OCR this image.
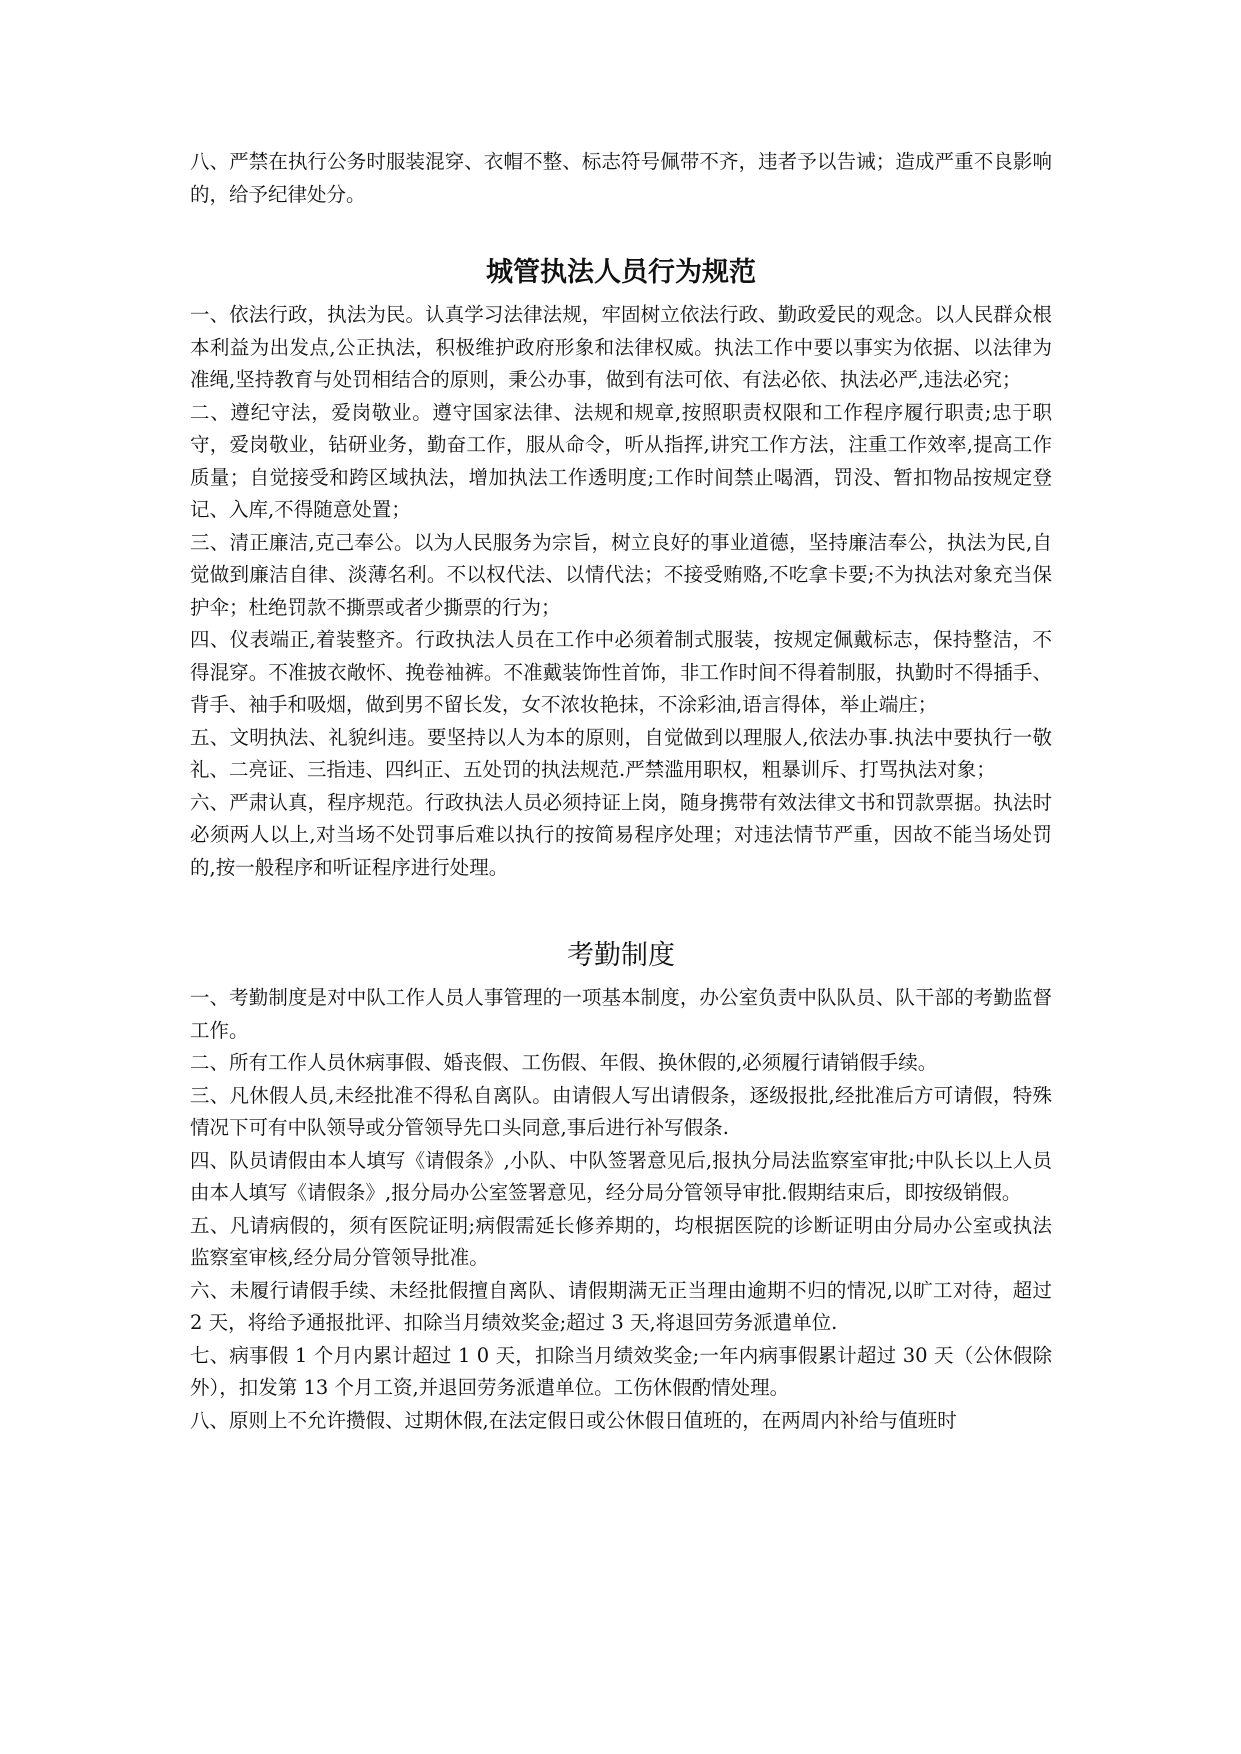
八、严禁在执行公务时服装混穿、衣帽不整、标志符号佩带不齐，违者予以告诫；造成严重不良影响的，给予纪律处分。

城管执法人员行为规范

一、依法行政，执法为民。认真学习法律法规，牢固树立依法行政、勤政爱民的观念。以人民群众根本利益为出发点,公正执法，积极维护政府形象和法律权威。执法工作中要以事实为依据、以法律为准绳,坚持教育与处罚相结合的原则，秉公办事，做到有法可依、有法必依、执法必严,违法必究；

二、遵纪守法，爱岗敬业。遵守国家法律、法规和规章,按照职责权限和工作程序履行职责;忠于职守，爱岗敬业，钻研业务，勤奋工作，服从命令，听从指挥,讲究工作方法，注重工作效率,提高工作质量；自觉接受和跨区域执法，增加执法工作透明度;工作时间禁止喝酒，罚没、暂扣物品按规定登记、入库,不得随意处置；

三、清正廉洁,克己奉公。以为人民服务为宗旨，树立良好的事业道德，坚持廉洁奉公，执法为民,自觉做到廉洁自律、淡薄名利。不以权代法、以情代法；不接受贿赂,不吃拿卡要;不为执法对象充当保护伞；杜绝罚款不撕票或者少撕票的行为；

四、仪表端正,着装整齐。行政执法人员在工作中必须着制式服装，按规定佩戴标志，保持整洁，不得混穿。不准披衣敞怀、挽卷袖裤。不准戴装饰性首饰，非工作时间不得着制服，执勤时不得插手、背手、袖手和吸烟，做到男不留长发，女不浓妆艳抹，不涂彩油,语言得体，举止端庄；

五、文明执法、礼貌纠违。要坚持以人为本的原则，自觉做到以理服人,依法办事.执法中要执行一敬礼、二亮证、三指违、四纠正、五处罚的执法规范.严禁滥用职权，粗暴训斥、打骂执法对象；

六、严肃认真，程序规范。行政执法人员必须持证上岗，随身携带有效法律文书和罚款票据。执法时必须两人以上,对当场不处罚事后难以执行的按简易程序处理；对违法情节严重，因故不能当场处罚的,按一般程序和听证程序进行处理。

考勤制度

一、考勤制度是对中队工作人员人事管理的一项基本制度，办公室负责中队队员、队干部的考勤监督工作。

二、所有工作人员休病事假、婚丧假、工伤假、年假、换休假的,必须履行请销假手续。

三、凡休假人员,未经批准不得私自离队。由请假人写出请假条，逐级报批,经批准后方可请假，特殊情况下可有中队领导或分管领导先口头同意,事后进行补写假条.

四、队员请假由本人填写《请假条》,小队、中队签署意见后,报执分局法监察室审批;中队长以上人员由本人填写《请假条》,报分局办公室签署意见，经分局分管领导审批.假期结束后，即按级销假。

五、凡请病假的，须有医院证明;病假需延长修养期的，均根据医院的诊断证明由分局办公室或执法监察室审核,经分局分管领导批准。

六、未履行请假手续、未经批假擅自离队、请假期满无正当理由逾期不归的情况,以旷工对待，超过 2 天，将给予通报批评、扣除当月绩效奖金;超过 3 天,将退回劳务派遣单位.

七、病事假 1 个月内累计超过 1 0 天，扣除当月绩效奖金;一年内病事假累计超过 30 天（公休假除外），扣发第 13 个月工资,并退回劳务派遣单位。工伤休假酌情处理。

八、原则上不允许攒假、过期休假,在法定假日或公休假日值班的，在两周内补给与值班时
